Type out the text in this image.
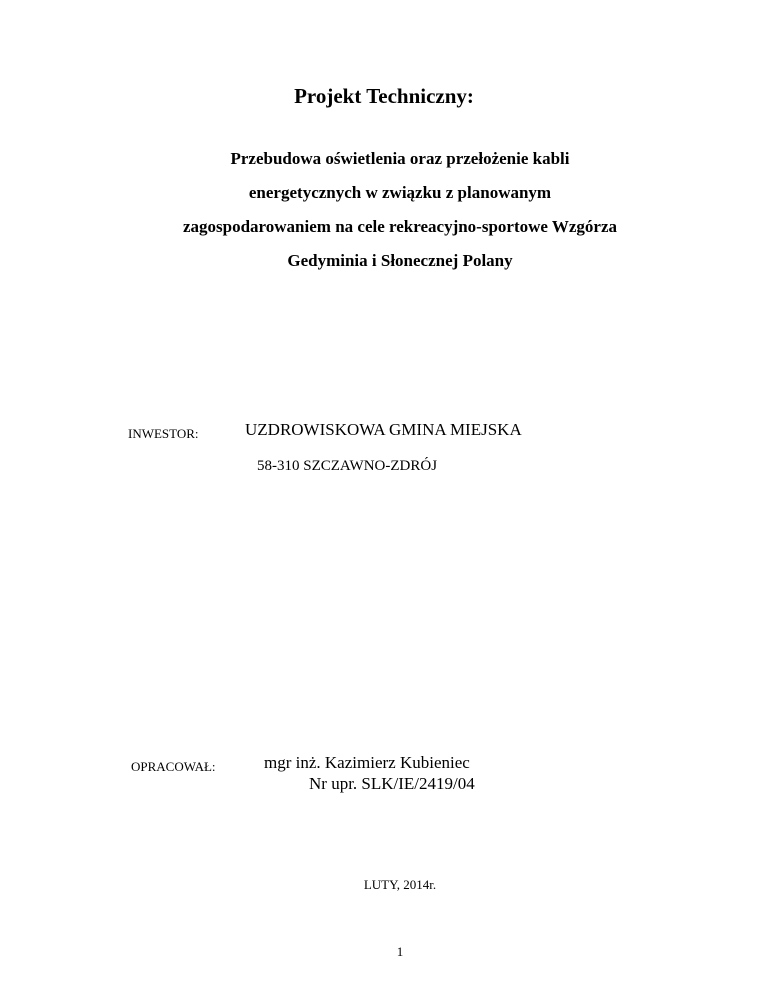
Projekt Techniczny:
Przebudowa oświetlenia oraz przełożenie kabli
energetycznych w związku z planowanym
zagospodarowaniem na cele rekreacyjno-sportowe Wzgórza
Gedyminia i Słonecznej Polany
INWESTOR:	UZDROWISKOWA GMINA MIEJSKA
58-310 SZCZAWNO-ZDRÓJ
OPRACOWAŁ:	mgr inż. Kazimierz Kubieniec
Nr upr. SLK/IE/2419/04
LUTY, 2014r.
1
